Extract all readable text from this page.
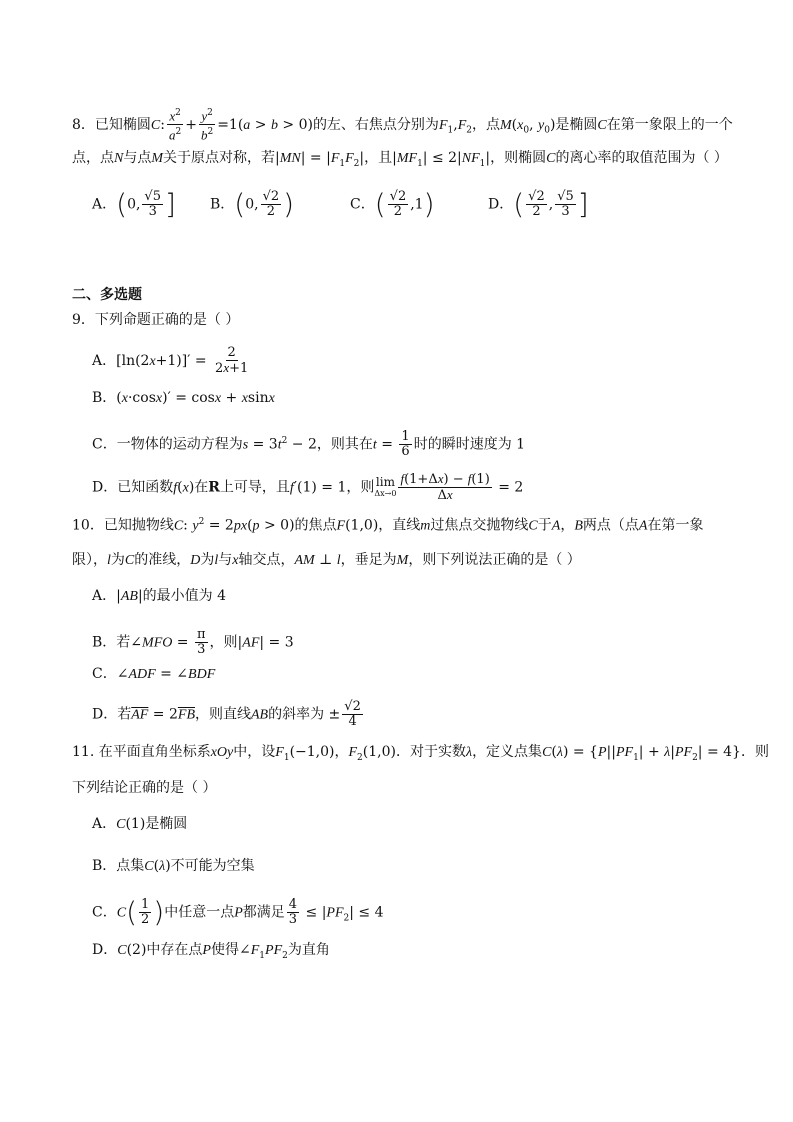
8．已知椭圆C: $\frac{x^2}{a^2} + \frac{y^2}{b^2} =1(a > b > 0)$的左、右焦点分别为$F_1,F_2$，点$M(x_0$, $y_0$)是椭圆C在第一象限上的一个
点，点N与点M关于原点对称，若$|MN| = |F_1F_2|$，且$|MF_1| \le 2|NF_1|$，则椭圆C的离心率的取值范围为（ ）
A．(0, $\frac{√5}{3}$ ] B．(0, $\frac{√2}{2}$ )	C．( $\frac{√2}{2} ,1$)	D．( $\frac{√2}{2}$ , $\frac{√5}{3}$ ]
二、多选题
9．下列命题正确的是（ ）
A．$[\ln(2x+1)]' = \frac{2}{2x+1}$
B．(x·cosx)′ = cosx + xsinx
C．一物体的运动方程为$s = 3t^2 - 2$，则其在$t = \frac{1}{6}$ 时的瞬时速度为 1
D．已知函数f(x)在R上可导，且f′(1) = 1，则 lim
$\Delta x\to 0 \frac{f(1+\Delta x) - f(1)}{\Delta x} = 2$
10．已知抛物线C: $y^2 = 2px(p > 0)$的焦点F(1,0)，直线m过焦点交抛物线C于A，B两点（点A在第一象
限），l为C的准线，D为l与x轴交点，AM ⊥ l，垂足为M，则下列说法正确的是（ ）
A．|AB|的最小值为 4
B．若∠MFO = $\frac{\pi}{3}$ ，则|AF| = 3
C．∠ADF = ∠BDF
D．若$\overline{AF} = 2\overline{FB}$，则直线AB的斜率为 ± $\frac{√2}{4}$
11. 在平面直角坐标系xOy中，设$F_1(-1,0)$，$F_2(1,0)$．对于实数λ，定义点集$C(\lambda) = \{P||PF_1| + \lambda|PF_2| = 4\}$．则
下列结论正确的是（ ）
A．C(1)是椭圆
B．点集C(λ)不可能为空集
C．$C( \frac{1}{2}$ )中任意一点P都满足 $\frac{4}{3} \le |PF_2| \le 4$
D．C(2)中存在点P使得$\angle F_1PF_2$为直角
